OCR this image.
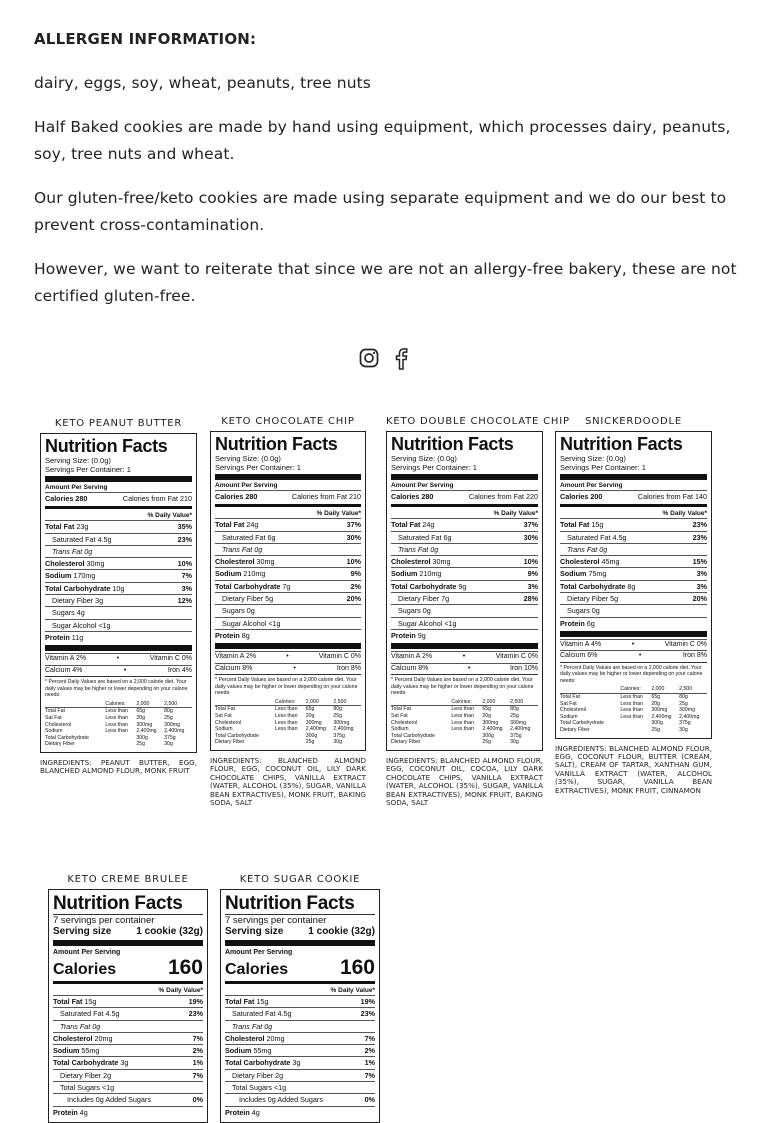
ALLERGEN INFORMATION:

dairy, eggs, soy, wheat, peanuts, tree nuts

Half Baked cookies are made by hand using equipment, which processes dairy, peanuts, soy, tree nuts and wheat.

Our gluten-free/keto cookies are made using separate equipment and we do our best to prevent cross-contamination.

However, we want to reiterate that since we are not an allergy-free bakery, these are not certified gluten-free.

KETO PEANUT BUTTER
Nutrition Facts
Serving Size: (0.0g)
Servings Per Container: 1
Amount Per Serving
Calories 280	Calories from Fat 210
% Daily Value*
Total Fat 23g	35%
Saturated Fat 4.5g	23%
Trans Fat 0g
Cholesterol 30mg	10%
Sodium 170mg	7%
Total Carbohydrate 10g	3%
Dietary Fiber 3g	12%
Sugars 4g
Sugar Alcohol <1g
Protein 11g
Vitamin A 2%	•	Vitamin C 0%
Calcium 4%	•	Iron 4%
* Percent Daily Values are based on a 2,000 calorie diet. Your daily values may be higher or lower depending on your calorie needs:
	Calories:	2,000	2,500
Total Fat	Less than	65g	80g
Sat Fat	Less than	20g	25g
Cholesterol	Less than	300mg	300mg
Sodium	Less than	2,400mg	2,400mg
Total Carbohydrate		300g	375g
Dietary Fiber		25g	30g
INGREDIENTS: PEANUT BUTTER, EGG, BLANCHED ALMOND FLOUR, MONK FRUIT
KETO CHOCOLATE CHIP
Nutrition Facts
Serving Size: (0.0g)
Servings Per Container: 1
Amount Per Serving
Calories 280	Calories from Fat 210
% Daily Value*
Total Fat 24g	37%
Saturated Fat 6g	30%
Trans Fat 0g
Cholesterol 30mg	10%
Sodium 210mg	9%
Total Carbohydrate 7g	2%
Dietary Fiber 5g	20%
Sugars 0g
Sugar Alcohol <1g
Protein 8g
Vitamin A 2%	•	Vitamin C 0%
Calcium 8%	•	Iron 8%
* Percent Daily Values are based on a 2,000 calorie diet. Your daily values may be higher or lower depending on your calorie needs:
	Calories:	2,000	2,500
Total Fat	Less than	65g	80g
Sat Fat	Less than	20g	25g
Cholesterol	Less than	300mg	300mg
Sodium	Less than	2,400mg	2,400mg
Total Carbohydrate		300g	375g
Dietary Fiber		25g	30g
INGREDIENTS: BLANCHED ALMOND FLOUR, EGG, COCONUT OIL, LILY DARK CHOCOLATE CHIPS, VANILLA EXTRACT (WATER, ALCOHOL (35%), SUGAR, VANILLA BEAN EXTRACTIVES), MONK FRUIT, BAKING SODA, SALT
KETO DOUBLE CHOCOLATE CHIP
Nutrition Facts
Serving Size: (0.0g)
Servings Per Container: 1
Amount Per Serving
Calories 280	Calories from Fat 220
% Daily Value*
Total Fat 24g	37%
Saturated Fat 6g	30%
Trans Fat 0g
Cholesterol 30mg	10%
Sodium 210mg	9%
Total Carbohydrate 9g	3%
Dietary Fiber 7g	28%
Sugars 0g
Sugar Alcohol <1g
Protein 9g
Vitamin A 2%	•	Vitamin C 0%
Calcium 8%	•	Iron 10%
* Percent Daily Values are based on a 2,000 calorie diet. Your daily values may be higher or lower depending on your calorie needs:
	Calories:	2,000	2,500
Total Fat	Less than	65g	80g
Sat Fat	Less than	20g	25g
Cholesterol	Less than	300mg	300mg
Sodium	Less than	2,400mg	2,400mg
Total Carbohydrate		300g	375g
Dietary Fiber		25g	30g
INGREDIENTS: BLANCHED ALMOND FLOUR, EGG, COCONUT OIL, COCOA, LILY DARK CHOCOLATE CHIPS, VANILLA EXTRACT (WATER, ALCOHOL (35%), SUGAR, VANILLA BEAN EXTRACTIVES), MONK FRUIT, BAKING SODA, SALT
SNICKERDOODLE
Nutrition Facts
Serving Size: (0.0g)
Servings Per Container: 1
Amount Per Serving
Calories 200	Calories from Fat 140
% Daily Value*
Total Fat 15g	23%
Saturated Fat 4.5g	23%
Trans Fat 0g
Cholesterol 45mg	15%
Sodium 75mg	3%
Total Carbohydrate 8g	3%
Dietary Fiber 5g	20%
Sugars 0g
Protein 6g
Vitamin A 4%	•	Vitamin C 0%
Calcium 6%	•	Iron 8%
* Percent Daily Values are based on a 2,000 calorie diet. Your daily values may be higher or lower depending on your calorie needs:
	Calories:	2,000	2,500
Total Fat	Less than	65g	80g
Sat Fat	Less than	20g	25g
Cholesterol	Less than	300mg	300mg
Sodium	Less than	2,400mg	2,400mg
Total Carbohydrate		300g	375g
Dietary Fiber		25g	30g
INGREDIENTS: BLANCHED ALMOND FLOUR, EGG, COCONUT FLOUR, BUTTER (CREAM, SALT), CREAM OF TARTAR, XANTHAN GUM, VANILLA EXTRACT (WATER, ALCOHOL (35%), SUGAR, VANILLA BEAN EXTRACTIVES), MONK FRUIT, CINNAMON
KETO CREME BRULEE
Nutrition Facts
7 servings per container
Serving size 1 cookie (32g)
Amount Per Serving
Calories 160
% Daily Value*
Total Fat 15g	19%
Saturated Fat 4.5g	23%
Trans Fat 0g
Cholesterol 20mg	7%
Sodium 55mg	2%
Total Carbohydrate 3g	1%
Dietary Fiber 2g	7%
Total Sugars <1g
Includes 0g Added Sugars	0%
Protein 4g
KETO SUGAR COOKIE
Nutrition Facts
7 servings per container
Serving size 1 cookie (32g)
Amount Per Serving
Calories 160
% Daily Value*
Total Fat 15g	19%
Saturated Fat 4.5g	23%
Trans Fat 0g
Cholesterol 20mg	7%
Sodium 55mg	2%
Total Carbohydrate 3g	1%
Dietary Fiber 2g	7%
Total Sugars <1g
Includes 0g Added Sugars	0%
Protein 4g
